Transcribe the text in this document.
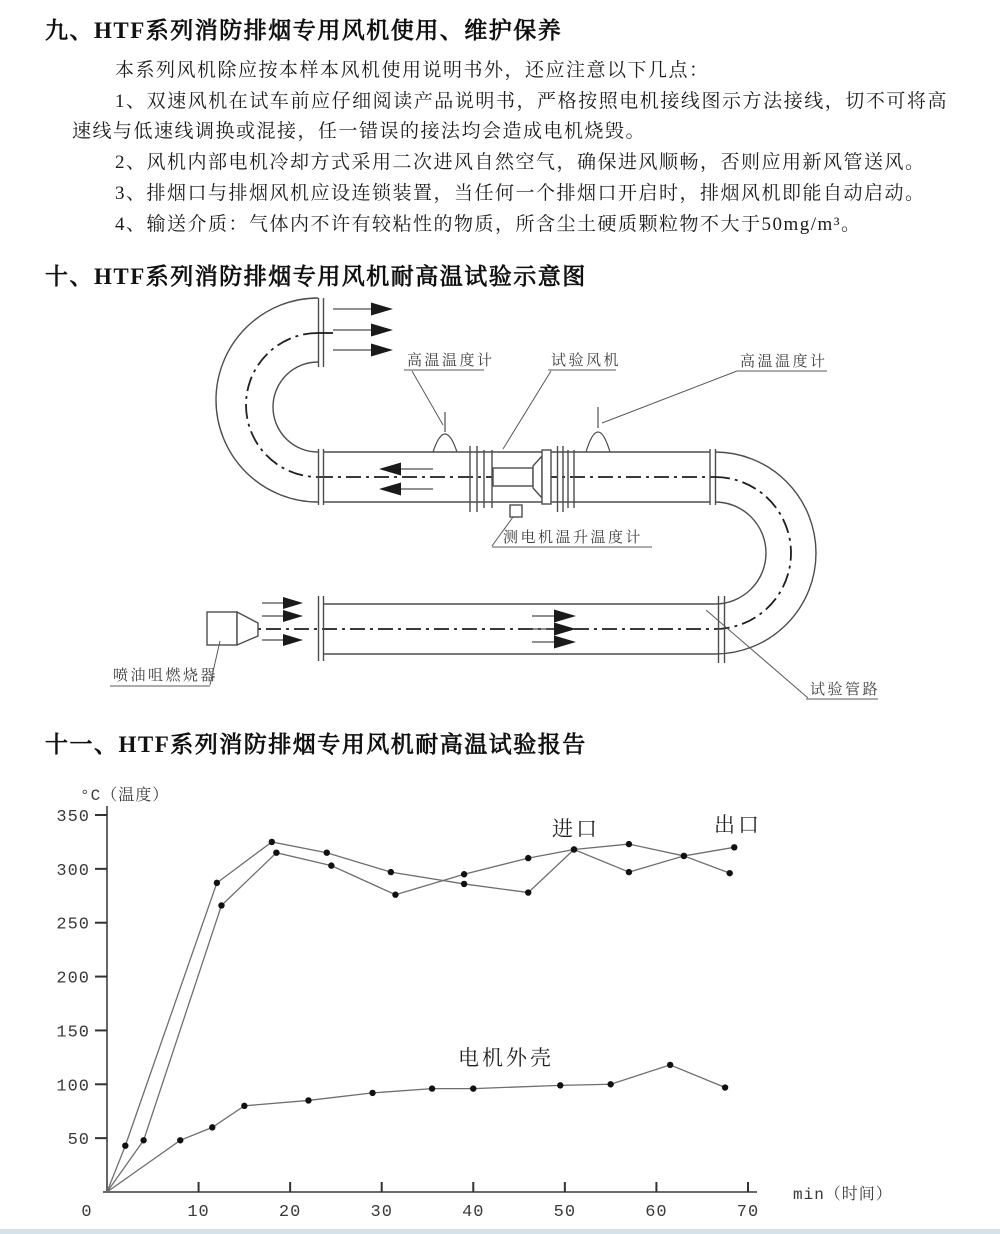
九、HTF系列消防排烟专用风机使用、维护保养

本系列风机除应按本样本风机使用说明书外，还应注意以下几点：

1、双速风机在试车前应仔细阅读产品说明书，严格按照电机接线图示方法接线，切不可将高速线与低速线调换或混接，任一错误的接法均会造成电机烧毁。

2、风机内部电机冷却方式采用二次进风自然空气，确保进风顺畅，否则应用新风管送风。

3、排烟口与排烟风机应设连锁装置，当任何一个排烟口开启时，排烟风机即能自动启动。

4、输送介质：气体内不许有较粘性的物质，所含尘土硬质颗粒物不大于50mg/m³。

十、HTF系列消防排烟专用风机耐高温试验示意图
高温温度计	试验风机	高温温度计
测电机温升温度计
喷油咀燃烧器
试验管路
十一、HTF系列消防排烟专用风机耐高温试验报告
°C（温度）
min（时间）
50
100
150
200
250
300
350
0	10	20	30	40	50	60	70
进口	出口
电机外壳
